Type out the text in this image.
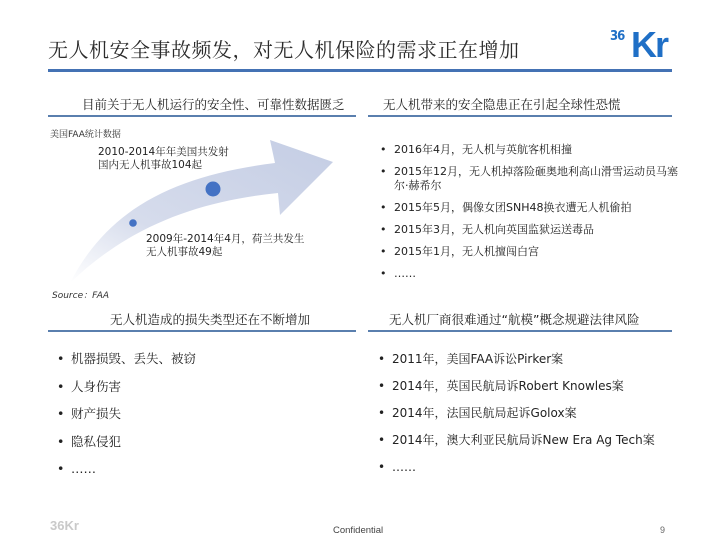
无人机安全事故频发，对无人机保险的需求正在增加
36 Kr
目前关于无人机运行的安全性、可靠性数据匮乏
美国FAA统计数据
2010-2014年年美国共发射
国内无人机事故104起
2009年-2014年4月，荷兰共发生
无人机事故49起
Source：FAA
无人机带来的安全隐患正在引起全球性恐慌
• 2016年4月，无人机与英航客机相撞
• 2015年12月，无人机掉落险砸奥地利高山滑雪运动员马塞尔·赫希尔
• 2015年5月，偶像女团SNH48换衣遭无人机偷拍
• 2015年3月，无人机向英国监狱运送毒品
• 2015年1月，无人机擅闯白宫
• ……
无人机造成的损失类型还在不断增加
• 机器损毁、丢失、被窃
• 人身伤害
• 财产损失
• 隐私侵犯
• ……
无人机厂商很难通过“航模”概念规避法律风险
• 2011年，美国FAA诉讼Pirker案
• 2014年，英国民航局诉Robert Knowles案
• 2014年，法国民航局起诉Golox案
• 2014年，澳大利亚民航局诉New Era Ag Tech案
• ……
36Kr	Confidential	9
